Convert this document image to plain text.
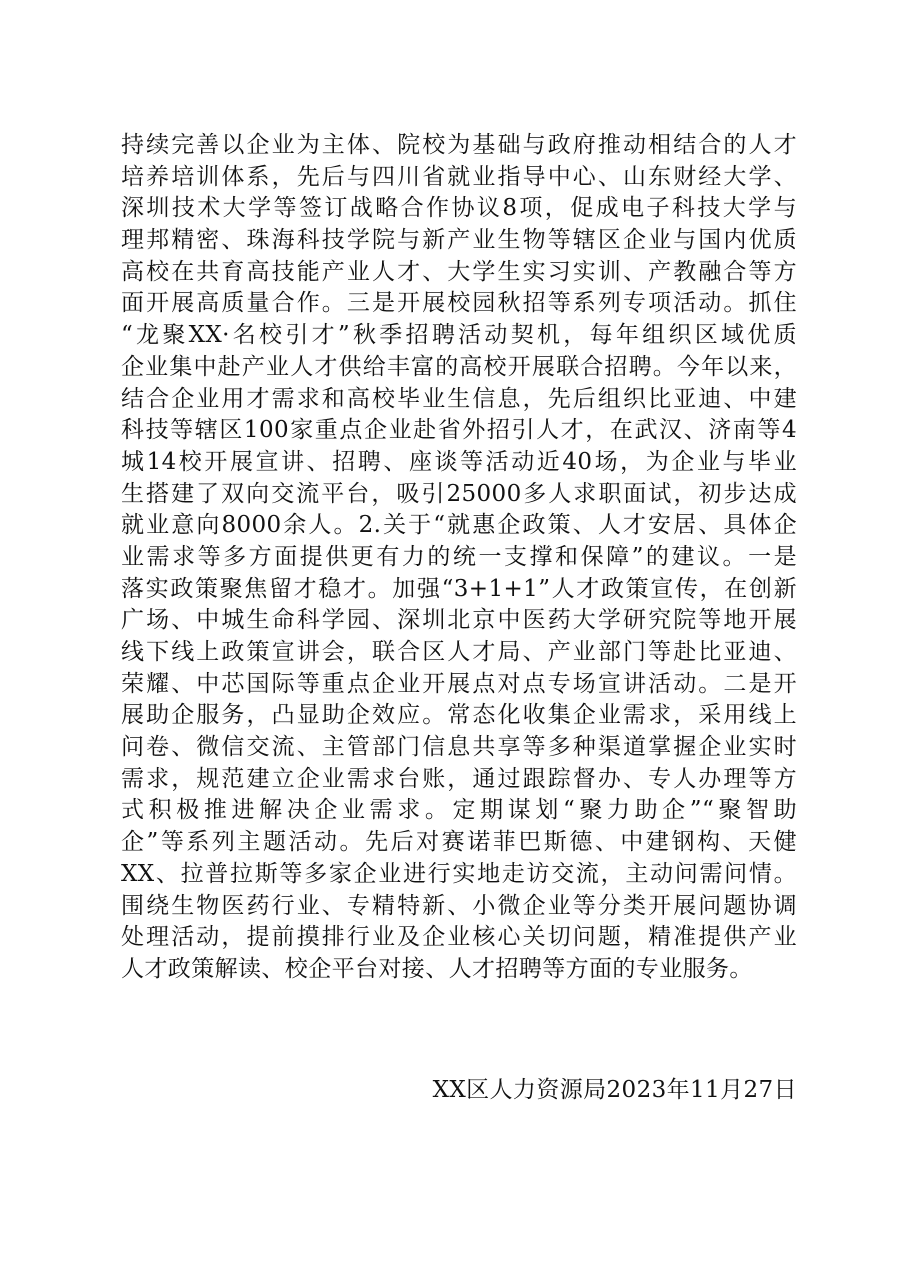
持续完善以企业为主体、院校为基础与政府推动相结合的人才
培养培训体系，先后与四川省就业指导中心、山东财经大学、
深圳技术大学等签订战略合作协议8项，促成电子科技大学与
理邦精密、珠海科技学院与新产业生物等辖区企业与国内优质
高校在共育高技能产业人才、大学生实习实训、产教融合等方
面开展高质量合作。三是开展校园秋招等系列专项活动。抓住
“龙聚XX·名校引才”秋季招聘活动契机，每年组织区域优质
企业集中赴产业人才供给丰富的高校开展联合招聘。今年以来，
结合企业用才需求和高校毕业生信息，先后组织比亚迪、中建
科技等辖区100家重点企业赴省外招引人才，在武汉、济南等4
城14校开展宣讲、招聘、座谈等活动近40场，为企业与毕业
生搭建了双向交流平台，吸引25000多人求职面试，初步达成
就业意向8000余人。2.关于“就惠企政策、人才安居、具体企
业需求等多方面提供更有力的统一支撑和保障”的建议。一是
落实政策聚焦留才稳才。加强“3+1+1”人才政策宣传，在创新
广场、中城生命科学园、深圳北京中医药大学研究院等地开展
线下线上政策宣讲会，联合区人才局、产业部门等赴比亚迪、
荣耀、中芯国际等重点企业开展点对点专场宣讲活动。二是开
展助企服务，凸显助企效应。常态化收集企业需求，采用线上
问卷、微信交流、主管部门信息共享等多种渠道掌握企业实时
需求，规范建立企业需求台账，通过跟踪督办、专人办理等方
式积极推进解决企业需求。定期谋划“聚力助企”“聚智助
企”等系列主题活动。先后对赛诺菲巴斯德、中建钢构、天健
XX、拉普拉斯等多家企业进行实地走访交流，主动问需问情。
围绕生物医药行业、专精特新、小微企业等分类开展问题协调
处理活动，提前摸排行业及企业核心关切问题，精准提供产业
人才政策解读、校企平台对接、人才招聘等方面的专业服务。
XX区人力资源局2023年11月27日
